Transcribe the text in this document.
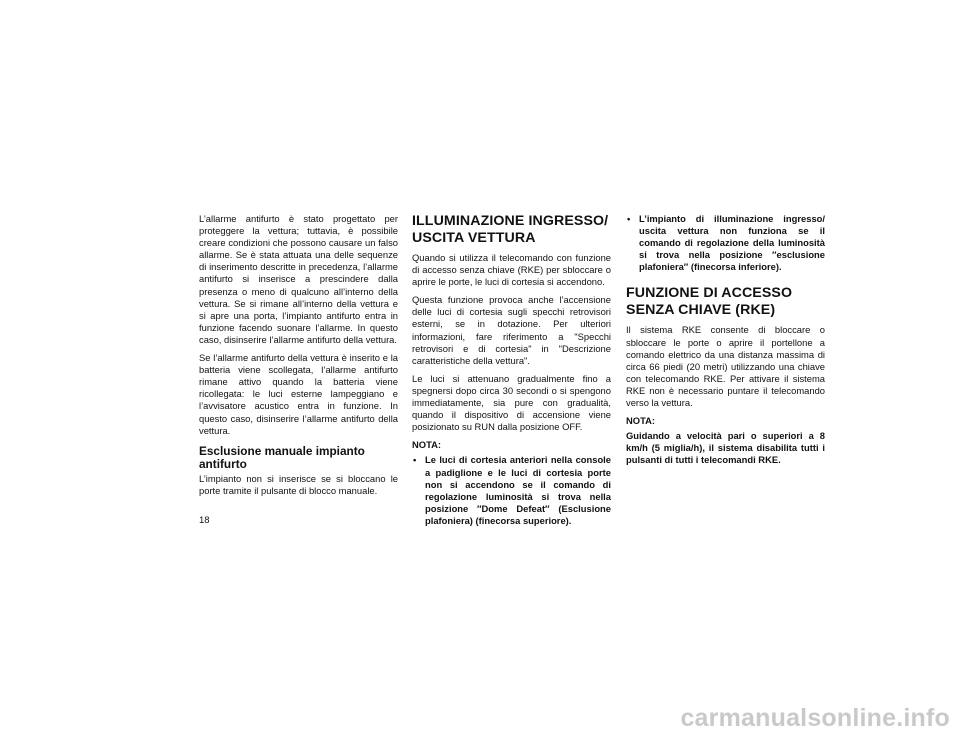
L’allarme antifurto è stato progettato per proteggere la vettura; tuttavia, è possibile creare condizioni che possono causare un falso allarme. Se è stata attuata una delle sequenze di inserimento descritte in precedenza, l’allarme antifurto si inserisce a prescindere dalla presenza o meno di qualcuno all’interno della vettura. Se si rimane all’interno della vettura e si apre una porta, l’impianto antifurto entra in funzione facendo suonare l’allarme. In questo caso, disinserire l’allarme antifurto della vettura.

Se l’allarme antifurto della vettura è inserito e la batteria viene scollegata, l’allarme antifurto rimane attivo quando la batteria viene ricollegata: le luci esterne lampeggiano e l’avvisatore acustico entra in funzione. In questo caso, disinserire l’allarme antifurto della vettura.

Esclusione manuale impianto antifurto

L’impianto non si inserisce se si bloccano le porte tramite il pulsante di blocco manuale.

ILLUMINAZIONE INGRESSO/ USCITA VETTURA

Quando si utilizza il telecomando con funzione di accesso senza chiave (RKE) per sbloccare o aprire le porte, le luci di cortesia si accendono.

Questa funzione provoca anche l’accensione delle luci di cortesia sugli specchi retrovisori esterni, se in dotazione. Per ulteriori informazioni, fare riferimento a "Specchi retrovisori e di cortesia" in "Descrizione caratteristiche della vettura".

Le luci si attenuano gradualmente fino a spegnersi dopo circa 30 secondi o si spengono immediatamente, sia pure con gradualità, quando il dispositivo di accensione viene posizionato su RUN dalla posizione OFF.

NOTA:
• Le luci di cortesia anteriori nella console a padiglione e le luci di cortesia porte non si accendono se il comando di regolazione luminosità si trova nella posizione ″Dome Defeat″ (Esclusione plafoniera) (finecorsa superiore).
• L’impianto di illuminazione ingresso/ uscita vettura non funziona se il comando di regolazione della luminosità si trova nella posizione ″esclusione plafoniera″ (finecorsa inferiore).
FUNZIONE DI ACCESSO SENZA CHIAVE (RKE)

Il sistema RKE consente di bloccare o sbloccare le porte o aprire il portellone a comando elettrico da una distanza massima di circa 66 piedi (20 metri) utilizzando una chiave con telecomando RKE. Per attivare il sistema RKE non è necessario puntare il telecomando verso la vettura.

NOTA:

Guidando a velocità pari o superiori a 8 km/h (5 miglia/h), il sistema disabilita tutti i pulsanti di tutti i telecomandi RKE.

18
carmanualsonline.info
